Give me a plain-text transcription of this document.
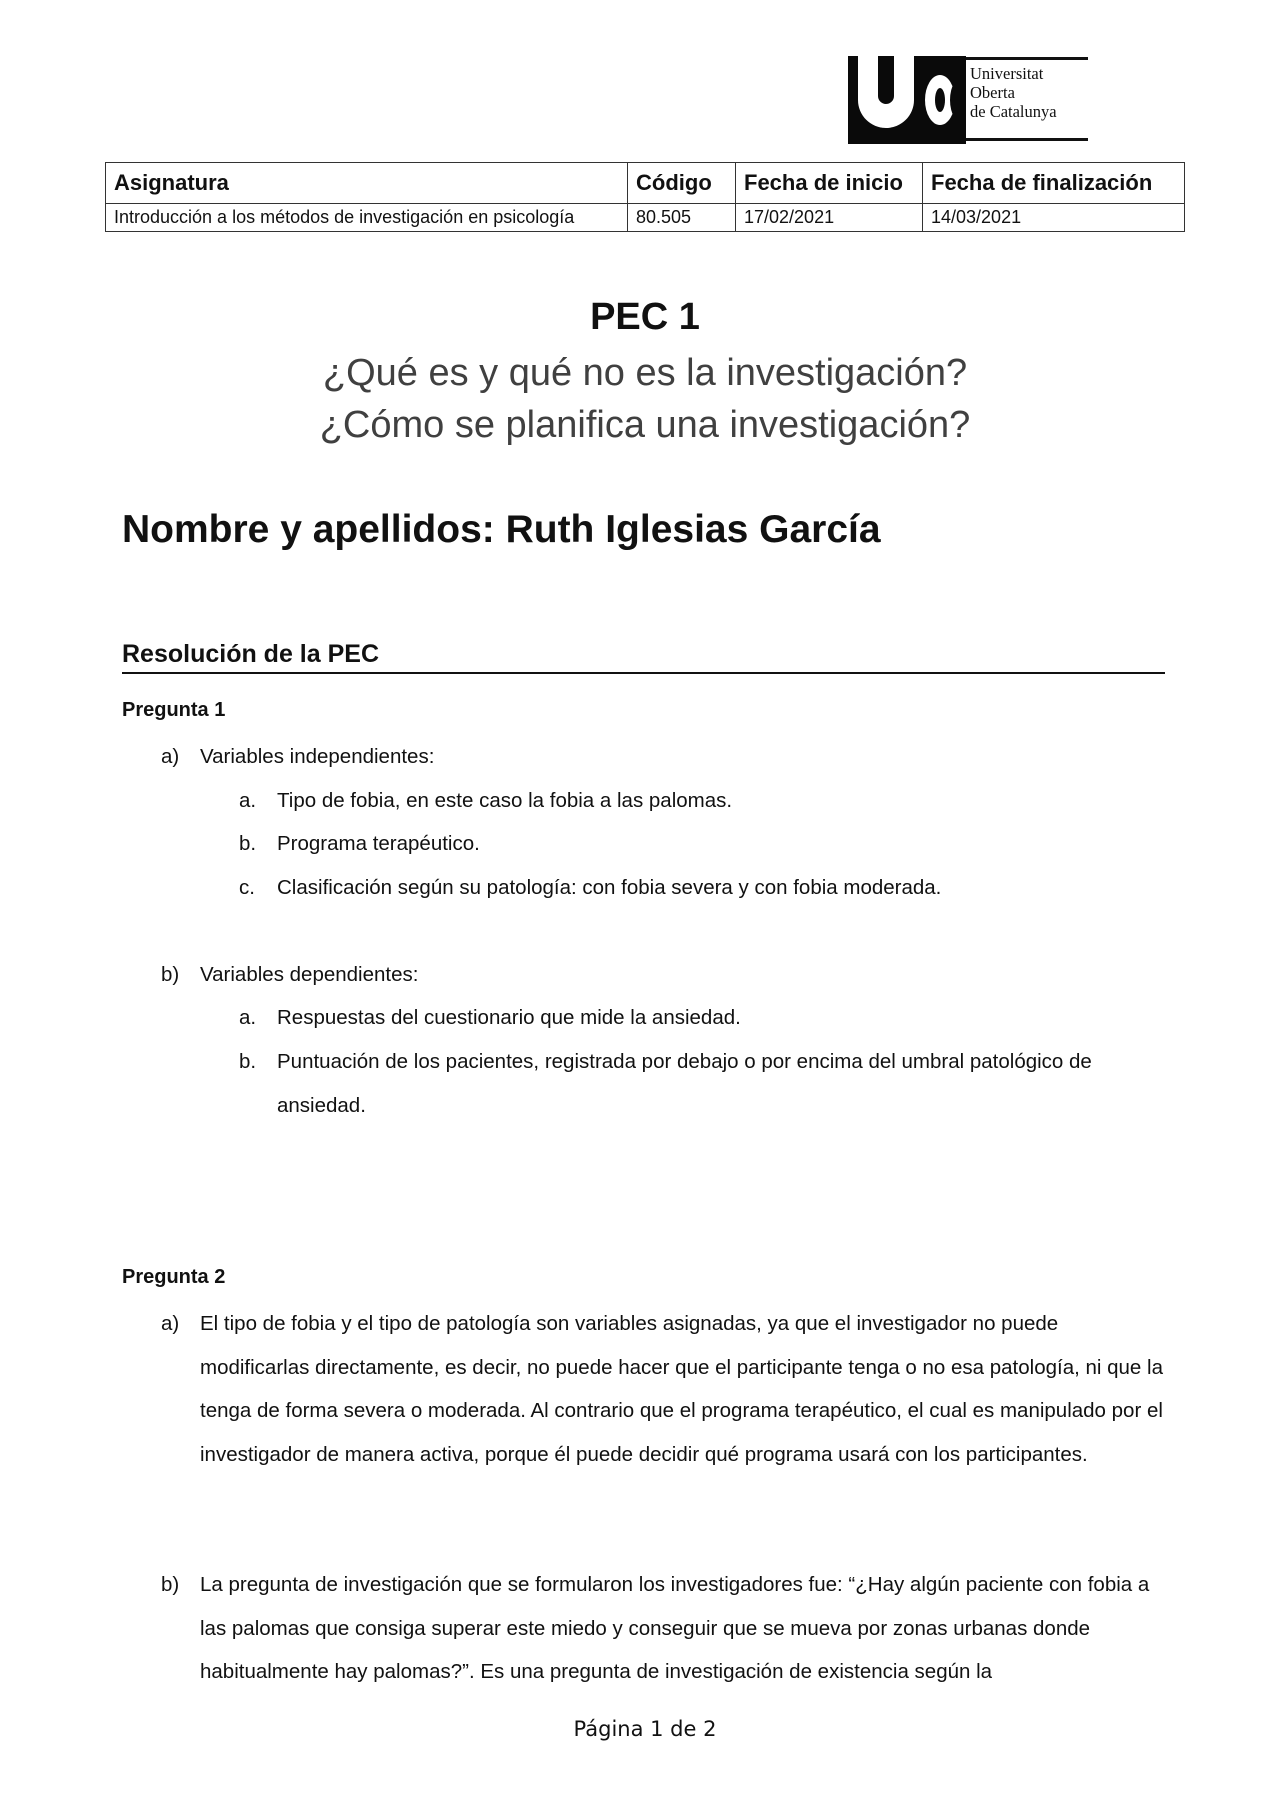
Universitat
Oberta
de Catalunya
Asignatura	Código	Fecha de inicio	Fecha de finalización
Introducción a los métodos de investigación en psicología	80.505	17/02/2021	14/03/2021
PEC 1
¿Qué es y qué no es la investigación?
¿Cómo se planifica una investigación?
Nombre y apellidos: Ruth Iglesias García
Resolución de la PEC
Pregunta 1
a) Variables independientes:
a. Tipo de fobia, en este caso la fobia a las palomas.
b. Programa terapéutico.
c. Clasificación según su patología: con fobia severa y con fobia moderada.
b) Variables dependientes:
a. Respuestas del cuestionario que mide la ansiedad.
b. Puntuación de los pacientes, registrada por debajo o por encima del umbral patológico de ansiedad.
Pregunta 2
a) El tipo de fobia y el tipo de patología son variables asignadas, ya que el investigador no puede modificarlas directamente, es decir, no puede hacer que el participante tenga o no esa patología, ni que la tenga de forma severa o moderada. Al contrario que el programa terapéutico, el cual es manipulado por el investigador de manera activa, porque él puede decidir qué programa usará con los participantes.
b) La pregunta de investigación que se formularon los investigadores fue: “¿Hay algún paciente con fobia a las palomas que consiga superar este miedo y conseguir que se mueva por zonas urbanas donde habitualmente hay palomas?”. Es una pregunta de investigación de existencia según la
Página 1 de 2
